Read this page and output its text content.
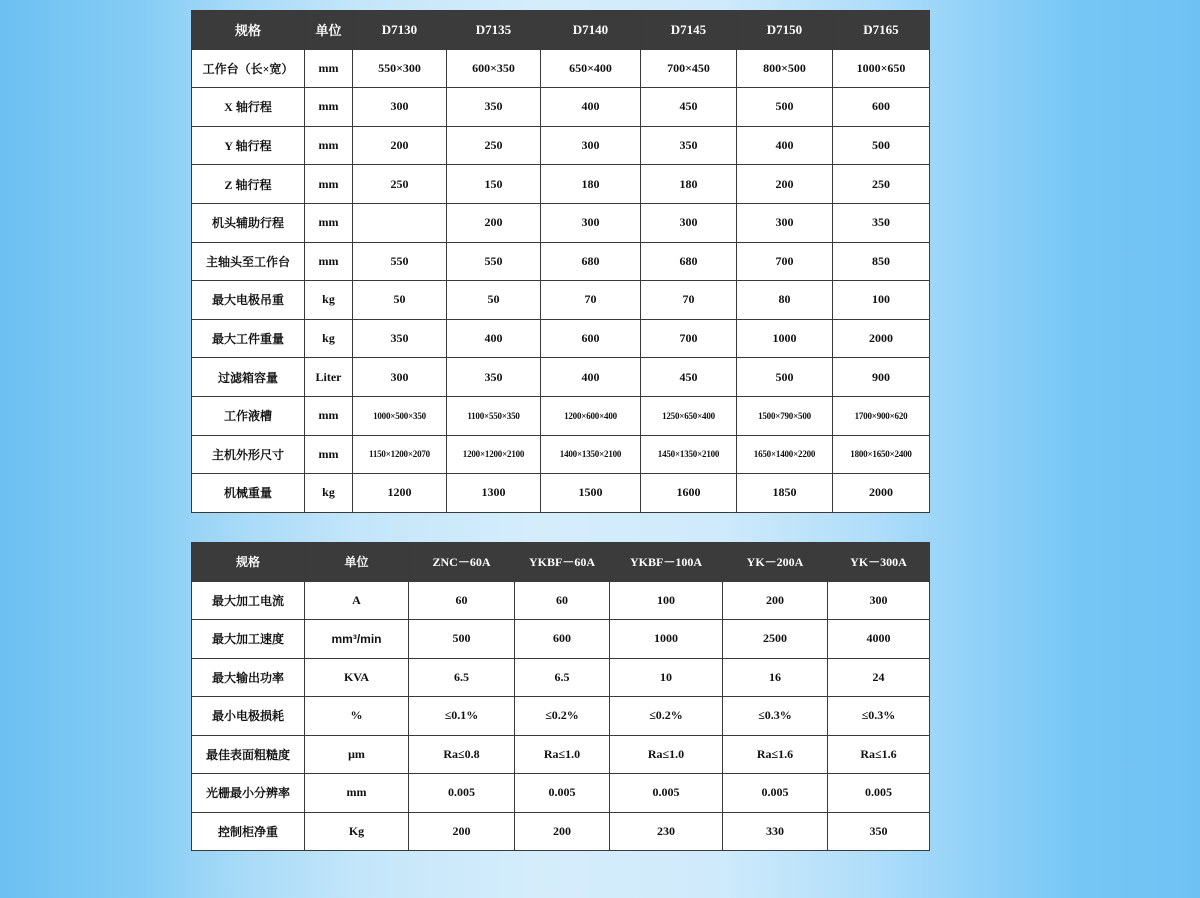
规格	单位	D7130	D7135	D7140	D7145	D7150	D7165
工作台（长×宽）	mm	550×300	600×350	650×400	700×450	800×500	1000×650
X 轴行程	mm	300	350	400	450	500	600
Y 轴行程	mm	200	250	300	350	400	500
Z 轴行程	mm	250	150	180	180	200	250
机头辅助行程	mm		200	300	300	300	350
主轴头至工作台	mm	550	550	680	680	700	850
最大电极吊重	kg	50	50	70	70	80	100
最大工件重量	kg	350	400	600	700	1000	2000
过滤箱容量	Liter	300	350	400	450	500	900
工作液槽	mm	1000×500×350	1100×550×350	1200×600×400	1250×650×400	1500×790×500	1700×900×620
主机外形尺寸	mm	1150×1200×2070	1200×1200×2100	1400×1350×2100	1450×1350×2100	1650×1400×2200	1800×1650×2400
机械重量	kg	1200	1300	1500	1600	1850	2000
规格	单位	ZNC－60A	YKBF－60A	YKBF－100A	YK－200A	YK－300A
最大加工电流	A	60	60	100	200	300
最大加工速度	mm³/min	500	600	1000	2500	4000
最大输出功率	KVA	6.5	6.5	10	16	24
最小电极损耗	%	≤0.1%	≤0.2%	≤0.2%	≤0.3%	≤0.3%
最佳表面粗糙度	μm	Ra≤0.8	Ra≤1.0	Ra≤1.0	Ra≤1.6	Ra≤1.6
光栅最小分辨率	mm	0.005	0.005	0.005	0.005	0.005
控制柜净重	Kg	200	200	230	330	350
